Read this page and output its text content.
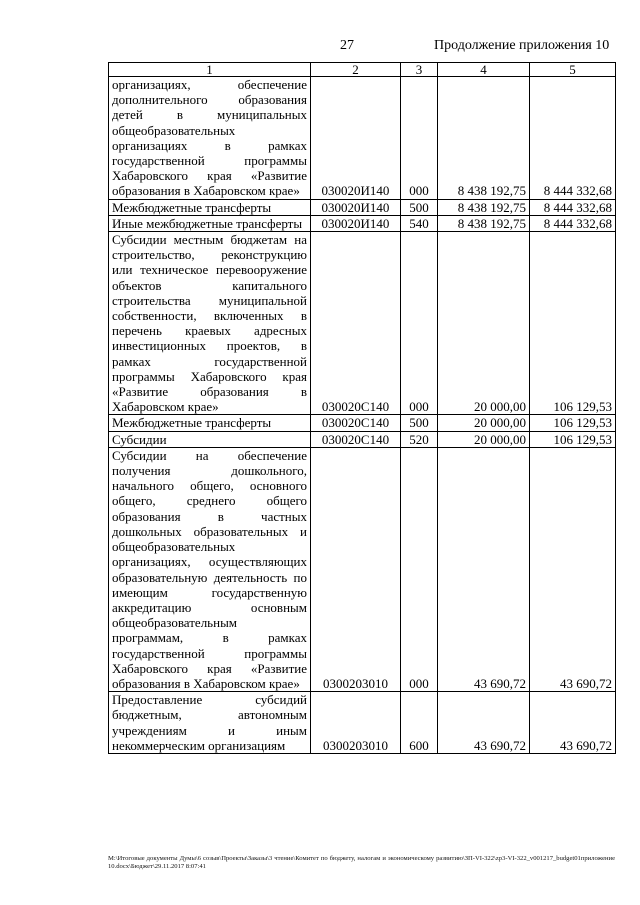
27	Продолжение приложения 10
1	2	3	4	5
организациях, обеспечение дополнительного образования детей в муниципальных общеобразовательных организациях в рамках государственной программы Хабаровского края «Развитие образования в Хабаровском крае»	030020И140	000	8 438 192,75	8 444 332,68
Межбюджетные трансферты	030020И140	500	8 438 192,75	8 444 332,68
Иные межбюджетные трансферты	030020И140	540	8 438 192,75	8 444 332,68
Субсидии местным бюджетам на строительство, реконструкцию или техническое перевооружение объектов капитального строительства муниципальной собственности, включенных в перечень краевых адресных инвестиционных проектов, в рамках государственной программы Хабаровского края «Развитие образования в Хабаровском крае»	030020С140	000	20 000,00	106 129,53
Межбюджетные трансферты	030020С140	500	20 000,00	106 129,53
Субсидии	030020С140	520	20 000,00	106 129,53
Субсидии на обеспечение получения дошкольного, начального общего, основного общего, среднего общего образования в частных дошкольных образовательных и общеобразовательных организациях, осуществляющих образовательную деятельность по имеющим государственную аккредитацию основным общеобразовательным программам, в рамках государственной программы Хабаровского края «Развитие образования в Хабаровском крае»	0300203010	000	43 690,72	43 690,72
Предоставление субсидий бюджетным, автономным учреждениям и иным некоммерческим организациям	0300203010	600	43 690,72	43 690,72
M:\Итоговые документы Думы\6 созыв\Проекты\Заказы\3 чтение\Комитет по бюджету, налогам и экономическому развитию\ЗП-VI-322\zp3-VI-322_v001217_budget01приложение 10.docx\Бюджет\29.11.2017 8:07:41
